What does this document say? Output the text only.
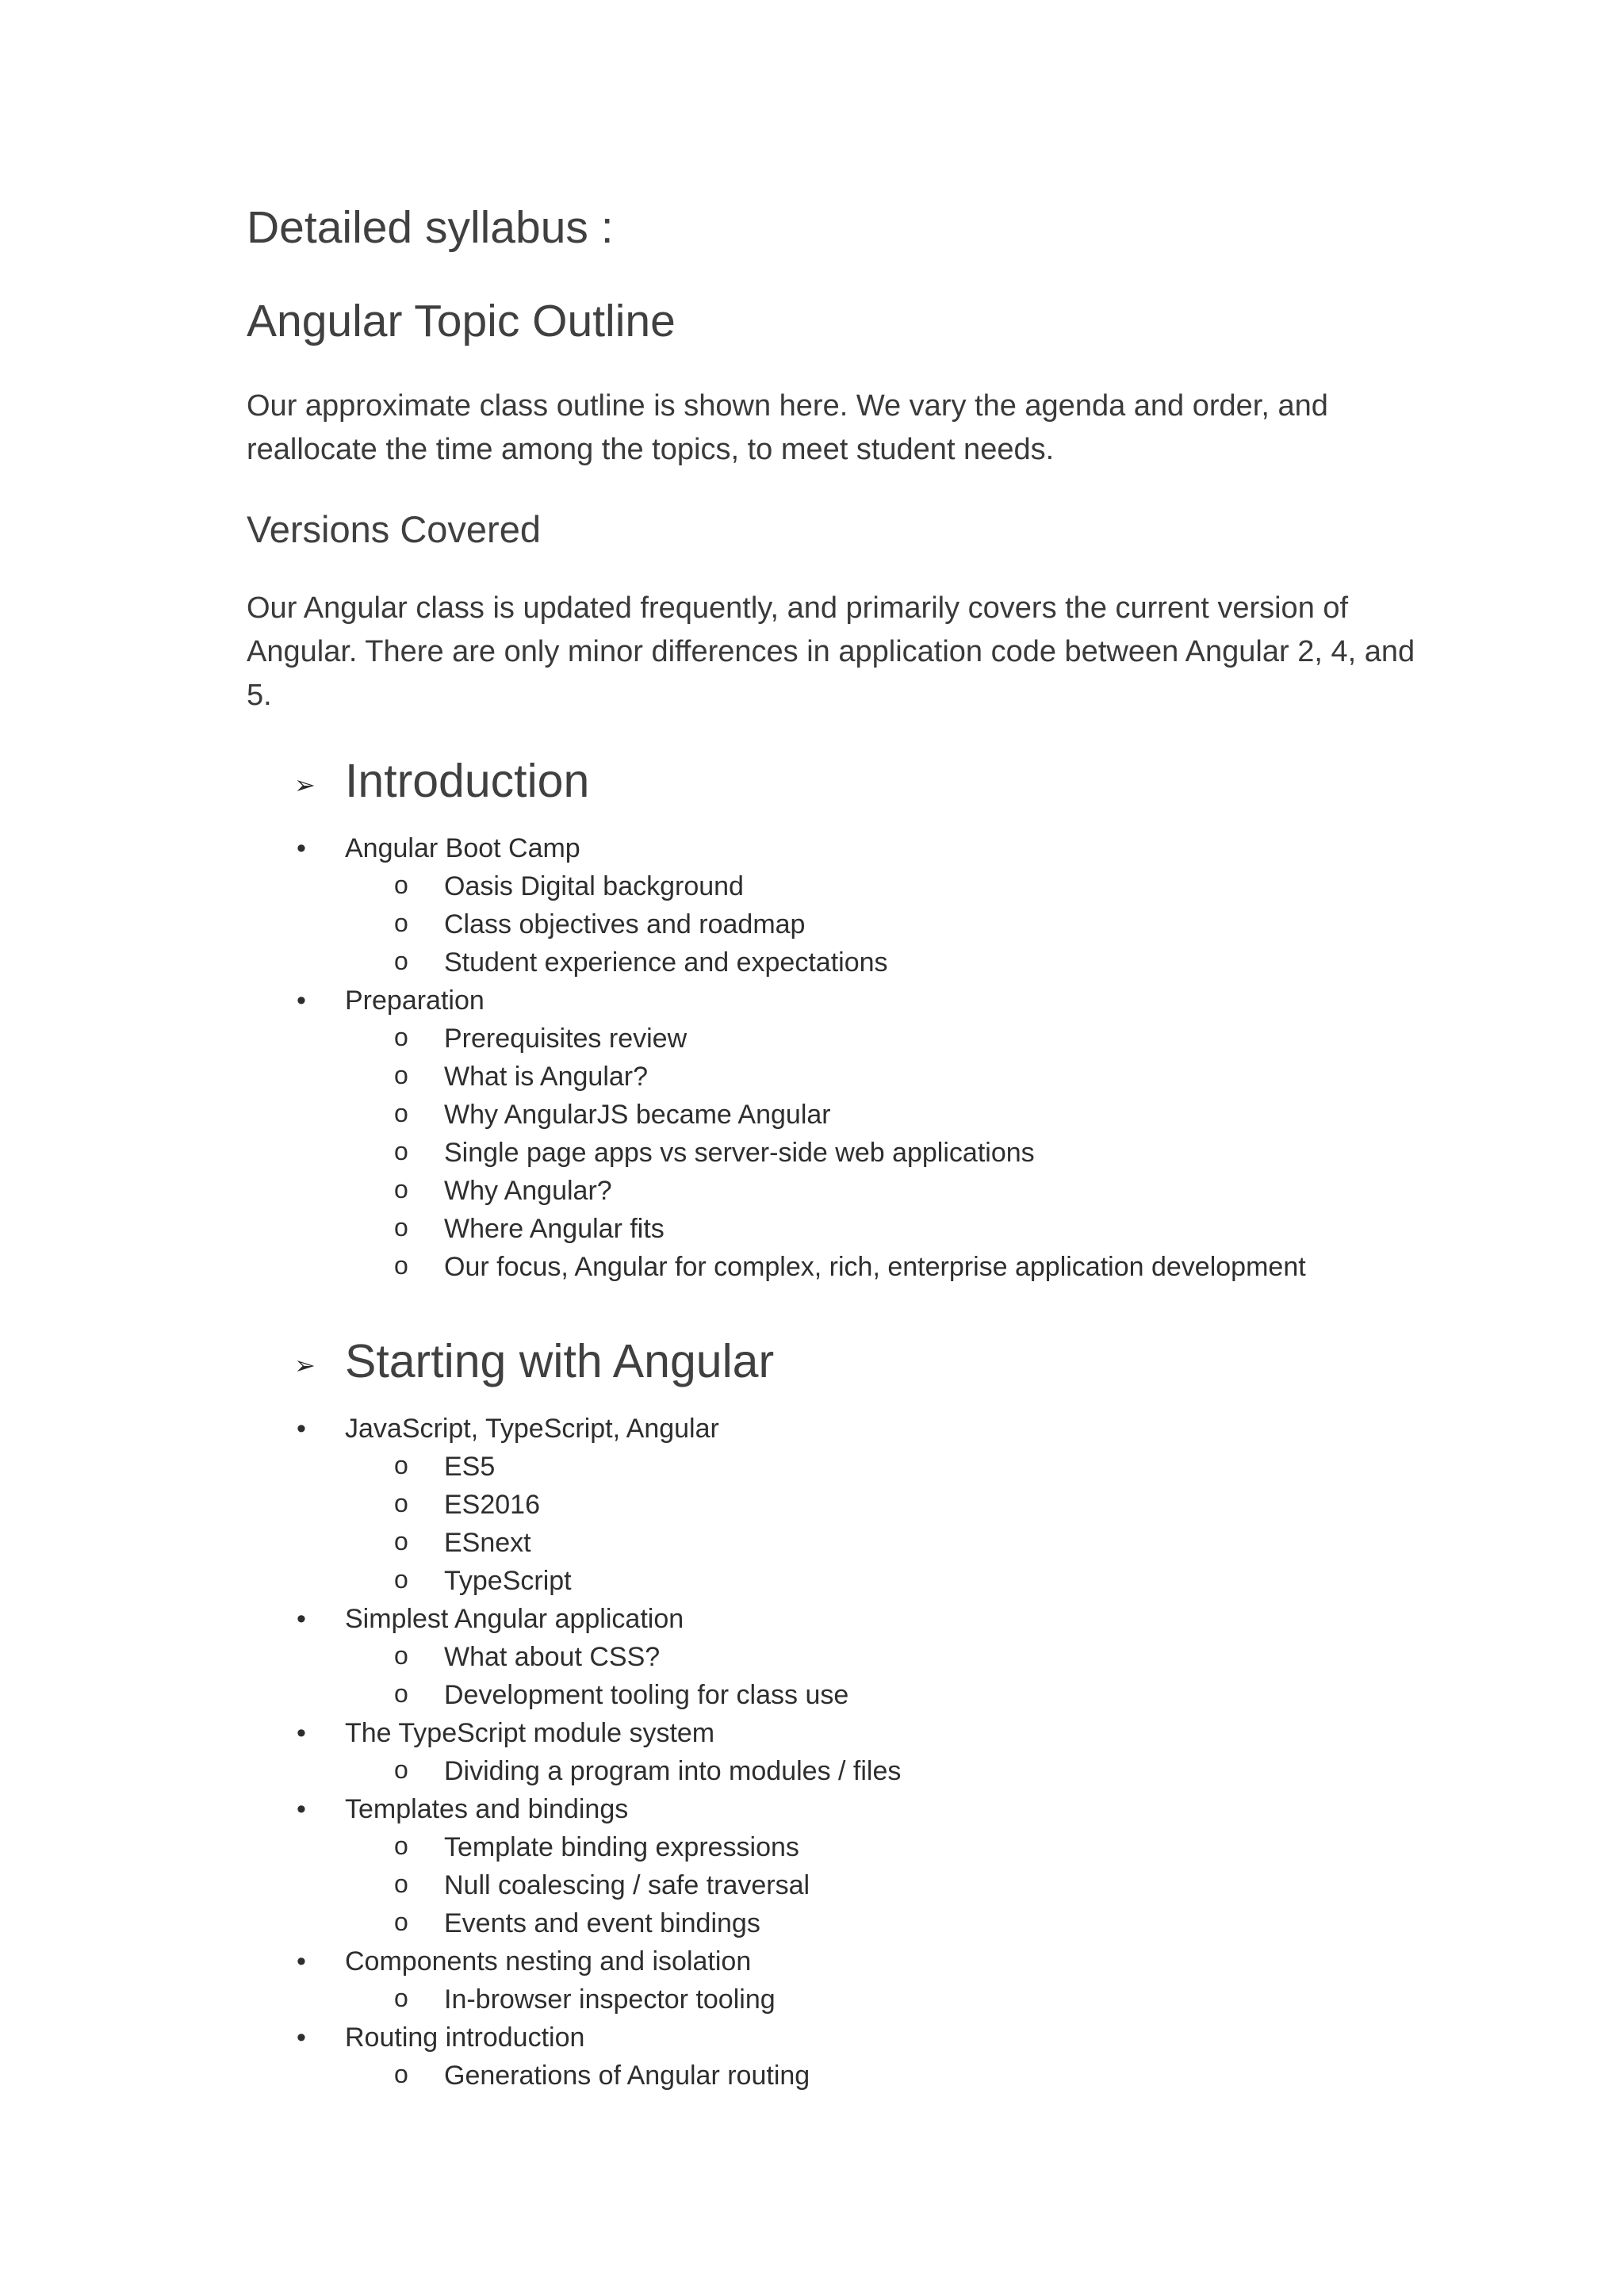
Detailed syllabus :
Angular Topic Outline

Our approximate class outline is shown here. We vary the agenda and order, and reallocate the time among the topics, to meet student needs.

Versions Covered

Our Angular class is updated frequently, and primarily covers the current version of Angular. There are only minor differences in application code between Angular 2, 4, and 5.

➢ Introduction
• Angular Boot Camp
o Oasis Digital background
o Class objectives and roadmap
o Student experience and expectations
• Preparation
o Prerequisites review
o What is Angular?
o Why AngularJS became Angular
o Single page apps vs server-side web applications
o Why Angular?
o Where Angular fits
o Our focus, Angular for complex, rich, enterprise application development
➢ Starting with Angular
• JavaScript, TypeScript, Angular
o ES5
o ES2016
o ESnext
o TypeScript
• Simplest Angular application
o What about CSS?
o Development tooling for class use
• The TypeScript module system
o Dividing a program into modules / files
• Templates and bindings
o Template binding expressions
o Null coalescing / safe traversal
o Events and event bindings
• Components nesting and isolation
o In-browser inspector tooling
• Routing introduction
o Generations of Angular routing
